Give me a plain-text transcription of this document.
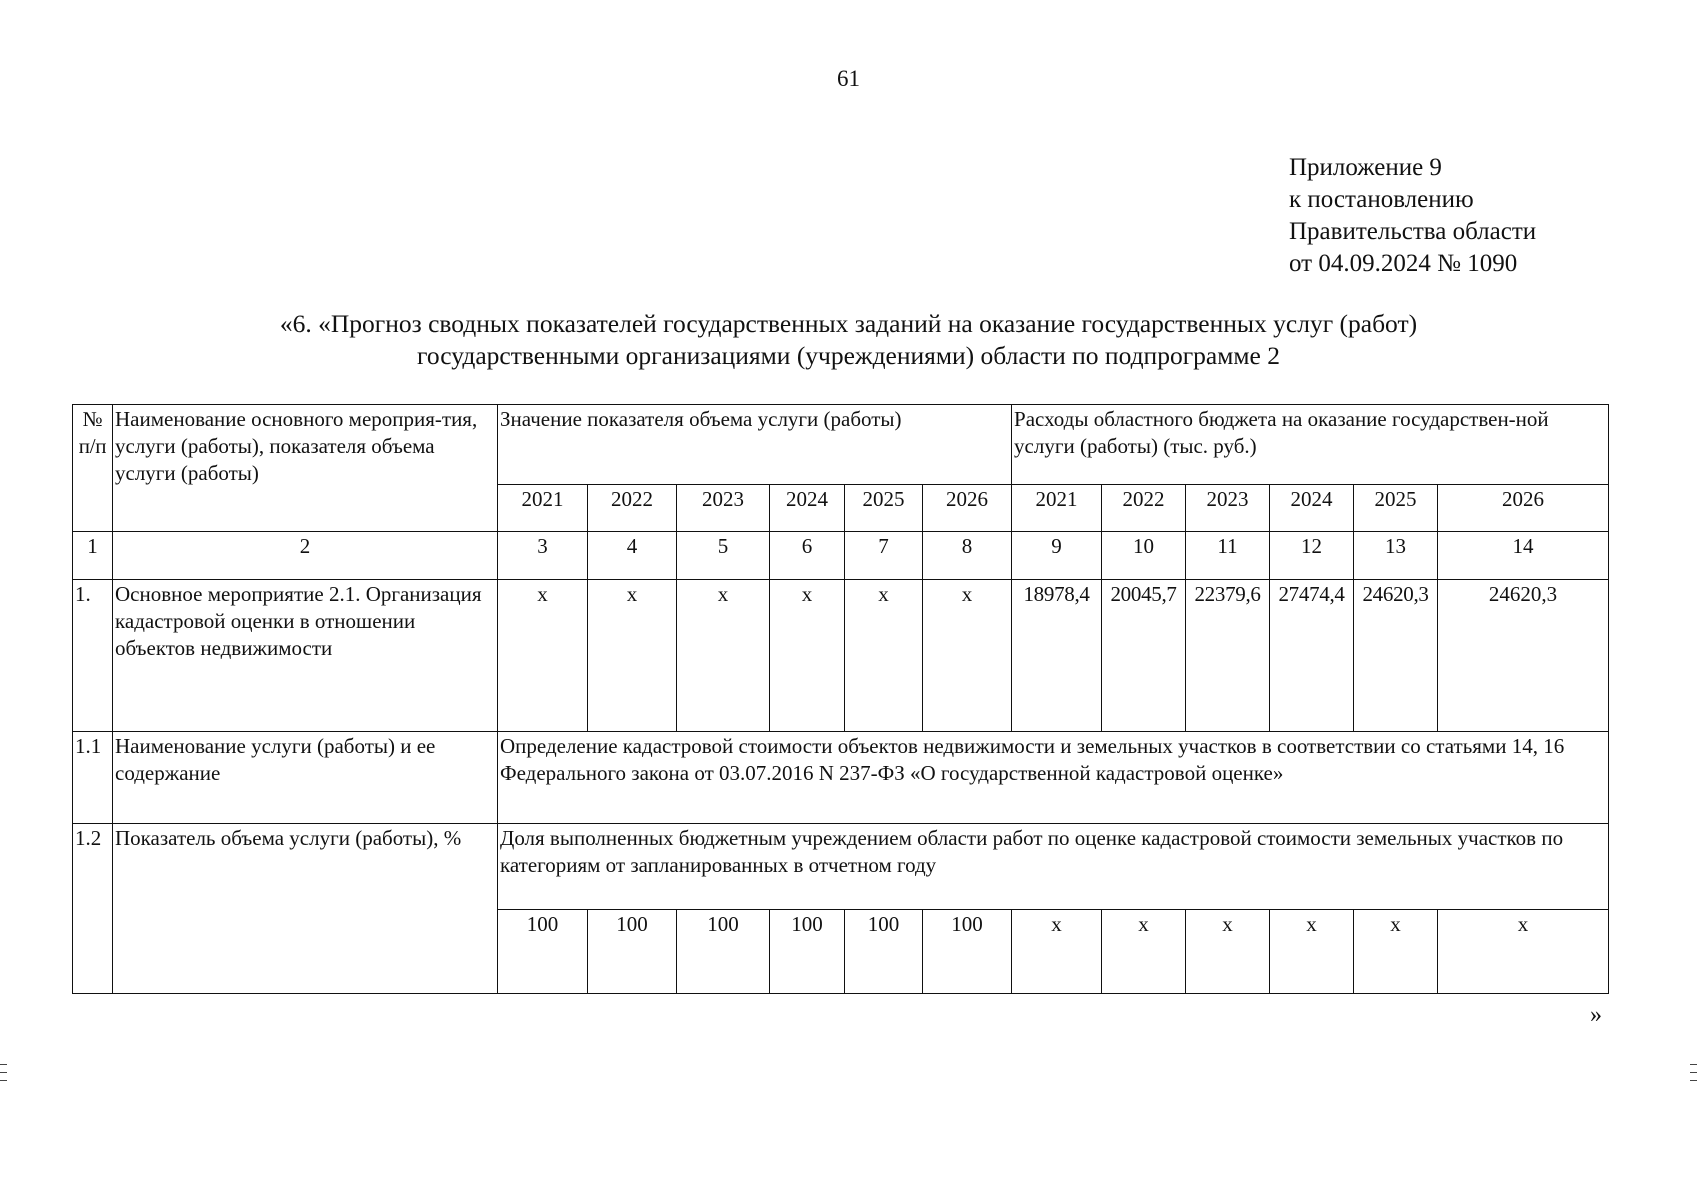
61
Приложение 9
к постановлению
Правительства области
от 04.09.2024 № 1090
«6. «Прогноз сводных показателей государственных заданий на оказание государственных услуг (работ)
государственными организациями (учреждениями) области по подпрограмме 2
№ п/п	Наименование основного мероприя-тия, услуги (работы), показателя объема услуги (работы)	Значение показателя объема услуги (работы)						Расходы областного бюджета на оказание государствен-ной услуги (работы) (тыс. руб.)					
		2021	2022	2023	2024	2025	2026	2021	2022	2023	2024	2025	2026
1	2	3	4	5	6	7	8	9	10	11	12	13	14
1.	Основное мероприятие 2.1. Организация кадастровой оценки в отношении объектов недвижимости	х	х	х	х	х	х	18978,4	20045,7	22379,6	27474,4	24620,3	24620,3
1.1	Наименование услуги (работы) и ее содержание	Определение кадастровой стоимости объектов недвижимости и земельных участков в соответствии со статьями 14, 16 Федерального закона от 03.07.2016 N 237-ФЗ «О государственной кадастровой оценке»											
1.2	Показатель объема услуги (работы), %	Доля выполненных бюджетным учреждением области работ по оценке кадастровой стоимости земельных участков по категориям от запланированных в отчетном году											
		100	100	100	100	100	100	х	х	х	х	х	х
»
